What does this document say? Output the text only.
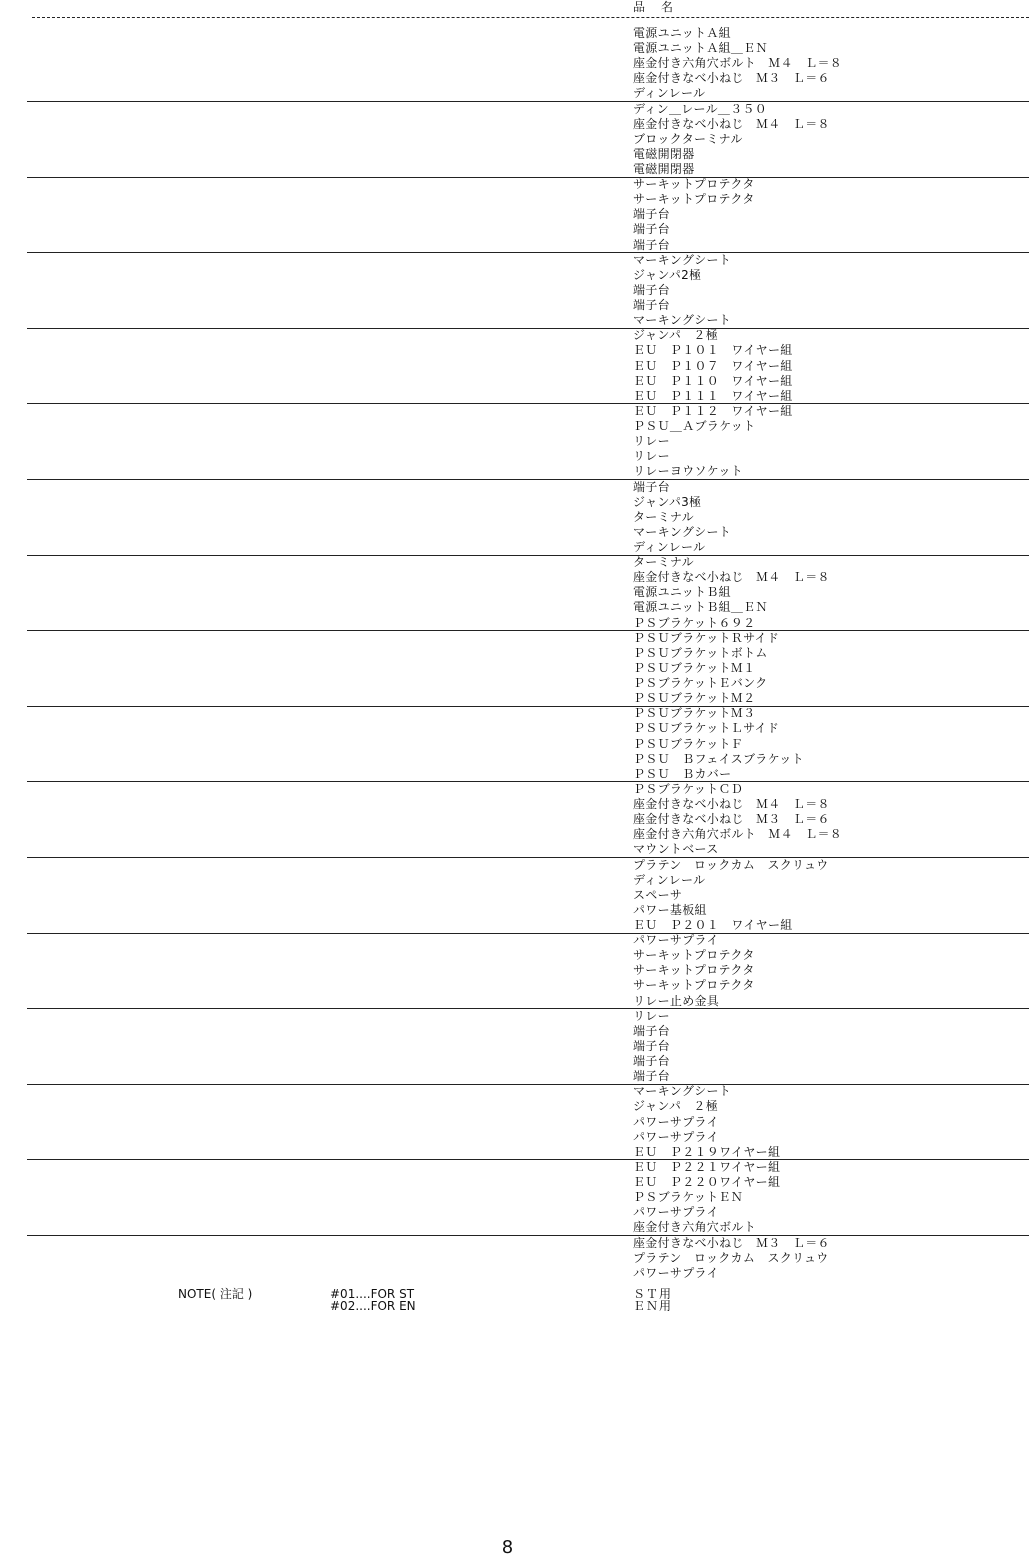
品　名
電源ユニットＡ組
電源ユニットＡ組＿ＥＮ
座金付き六角穴ボルト　Ｍ４　Ｌ＝８
座金付きなべ小ねじ　Ｍ３　Ｌ＝６
ディンレール
ディン＿レール＿３５０
座金付きなべ小ねじ　Ｍ４　Ｌ＝８
ブロックターミナル
電磁開閉器
電磁開閉器
サーキットプロテクタ
サーキットプロテクタ
端子台
端子台
端子台
マーキングシート
ジャンパ2極
端子台
端子台
マーキングシート
ジャンパ　２極
ＥＵ　Ｐ１０１　ワイヤー組
ＥＵ　Ｐ１０７　ワイヤー組
ＥＵ　Ｐ１１０　ワイヤー組
ＥＵ　Ｐ１１１　ワイヤー組
ＥＵ　Ｐ１１２　ワイヤー組
ＰＳＵ＿Ａブラケット
リレー
リレー
リレーヨウソケット
端子台
ジャンパ3極
ターミナル
マーキングシート
ディンレール
ターミナル
座金付きなべ小ねじ　Ｍ４　Ｌ＝８
電源ユニットＢ組
電源ユニットＢ組＿ＥＮ
ＰＳブラケット６９２
ＰＳＵブラケットＲサイド
ＰＳＵブラケットボトム
ＰＳＵブラケットＭ１
ＰＳブラケットＥバンク
ＰＳＵブラケットＭ２
ＰＳＵブラケットＭ３
ＰＳＵブラケットＬサイド
ＰＳＵブラケットＦ
ＰＳＵ　Ｂフェイスブラケット
ＰＳＵ　Ｂカバー
ＰＳブラケットＣＤ
座金付きなべ小ねじ　Ｍ４　Ｌ＝８
座金付きなべ小ねじ　Ｍ３　Ｌ＝６
座金付き六角穴ボルト　Ｍ４　Ｌ＝８
マウントベース
プラテン　ロックカム　スクリュウ
ディンレール
スペーサ
パワー基板組
ＥＵ　Ｐ２０１　ワイヤー組
パワーサプライ
サーキットプロテクタ
サーキットプロテクタ
サーキットプロテクタ
リレー止め金具
リレー
端子台
端子台
端子台
端子台
マーキングシート
ジャンパ　２極
パワーサプライ
パワーサプライ
ＥＵ　Ｐ２１９ワイヤー組
ＥＵ　Ｐ２２１ワイヤー組
ＥＵ　Ｐ２２０ワイヤー組
ＰＳブラケットＥＮ
パワーサプライ
座金付き六角穴ボルト
座金付きなべ小ねじ　Ｍ３　Ｌ＝６
プラテン　ロックカム　スクリュウ
パワーサプライ
NOTE( 注記 )	#01....FOR ST
#02....FOR EN
ＳＴ用
ＥＮ用
8
